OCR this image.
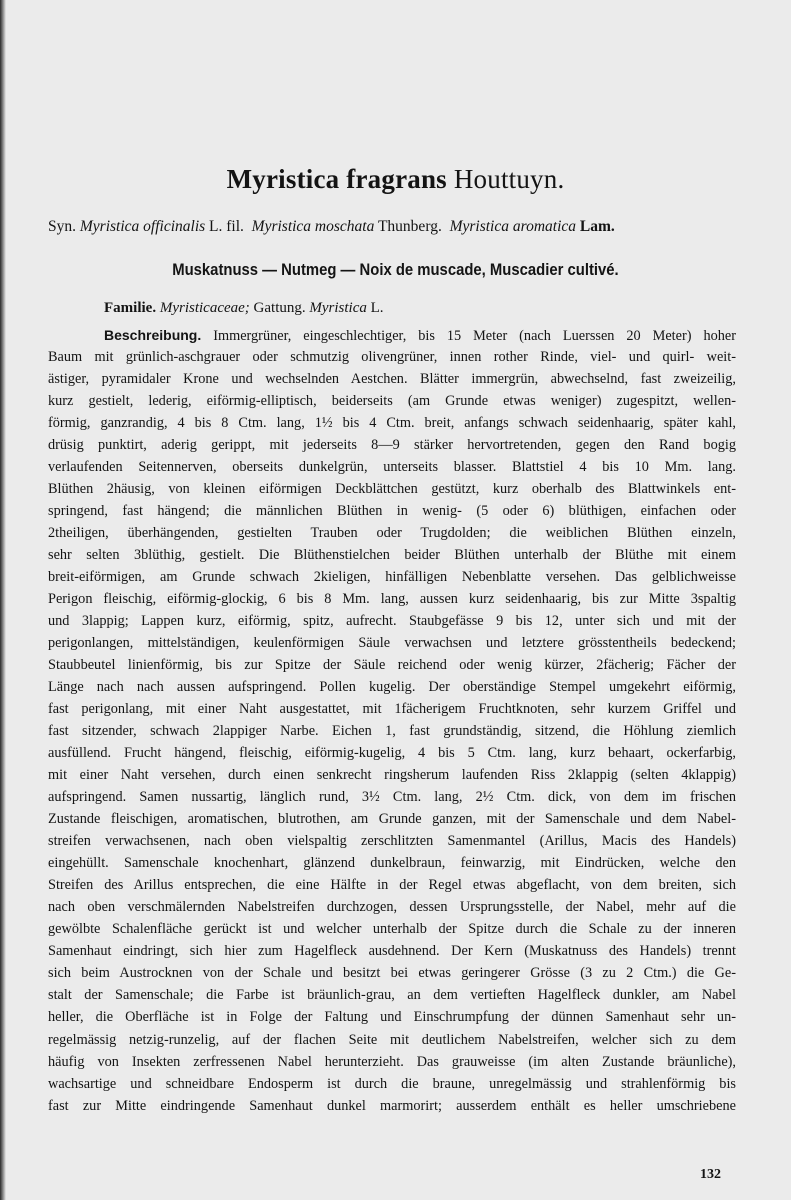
Myristica fragrans Houttuyn.
Syn. Myristica officinalis L. fil. Myristica moschata Thunberg. Myristica aromatica Lam.
Muskatnuss — Nutmeg — Noix de muscade, Muscadier cultivé.
Familie. Myristicaceae; Gattung. Myristica L.
Beschreibung. Immergrüner, eingeschlechtiger, bis 15 Meter (nach Luerssen 20 Meter) hoher
Baum mit grünlich-aschgrauer oder schmutzig olivengrüner, innen rother Rinde, viel- und quirl- weit-
ästiger, pyramidaler Krone und wechselnden Aestchen. Blätter immergrün, abwechselnd, fast zweizeilig,
kurz gestielt, lederig, eiförmig-elliptisch, beiderseits (am Grunde etwas weniger) zugespitzt, wellen-
förmig, ganzrandig, 4 bis 8 Ctm. lang, 1½ bis 4 Ctm. breit, anfangs schwach seidenhaarig, später kahl,
drüsig punktirt, aderig gerippt, mit jederseits 8—9 stärker hervortretenden, gegen den Rand bogig
verlaufenden Seitennerven, oberseits dunkelgrün, unterseits blasser. Blattstiel 4 bis 10 Mm. lang.
Blüthen 2häusig, von kleinen eiförmigen Deckblättchen gestützt, kurz oberhalb des Blattwinkels ent-
springend, fast hängend; die männlichen Blüthen in wenig- (5 oder 6) blüthigen, einfachen oder
2theiligen, überhängenden, gestielten Trauben oder Trugdolden; die weiblichen Blüthen einzeln,
sehr selten 3blüthig, gestielt. Die Blüthenstielchen beider Blüthen unterhalb der Blüthe mit einem
breit-eiförmigen, am Grunde schwach 2kieligen, hinfälligen Nebenblatte versehen. Das gelblichweisse
Perigon fleischig, eiförmig-glockig, 6 bis 8 Mm. lang, aussen kurz seidenhaarig, bis zur Mitte 3spaltig
und 3lappig; Lappen kurz, eiförmig, spitz, aufrecht. Staubgefässe 9 bis 12, unter sich und mit der
perigonlangen, mittelständigen, keulenförmigen Säule verwachsen und letztere grösstentheils bedeckend;
Staubbeutel linienförmig, bis zur Spitze der Säule reichend oder wenig kürzer, 2fächerig; Fächer der
Länge nach nach aussen aufspringend. Pollen kugelig. Der oberständige Stempel umgekehrt eiförmig,
fast perigonlang, mit einer Naht ausgestattet, mit 1fächerigem Fruchtknoten, sehr kurzem Griffel und
fast sitzender, schwach 2lappiger Narbe. Eichen 1, fast grundständig, sitzend, die Höhlung ziemlich
ausfüllend. Frucht hängend, fleischig, eiförmig-kugelig, 4 bis 5 Ctm. lang, kurz behaart, ockerfarbig,
mit einer Naht versehen, durch einen senkrecht ringsherum laufenden Riss 2klappig (selten 4klappig)
aufspringend. Samen nussartig, länglich rund, 3½ Ctm. lang, 2½ Ctm. dick, von dem im frischen
Zustande fleischigen, aromatischen, blutrothen, am Grunde ganzen, mit der Samenschale und dem Nabel-
streifen verwachsenen, nach oben vielspaltig zerschlitzten Samenmantel (Arillus, Macis des Handels)
eingehüllt. Samenschale knochenhart, glänzend dunkelbraun, feinwarzig, mit Eindrücken, welche den
Streifen des Arillus entsprechen, die eine Hälfte in der Regel etwas abgeflacht, von dem breiten, sich
nach oben verschmälernden Nabelstreifen durchzogen, dessen Ursprungsstelle, der Nabel, mehr auf die
gewölbte Schalenfläche gerückt ist und welcher unterhalb der Spitze durch die Schale zu der inneren
Samenhaut eindringt, sich hier zum Hagelfleck ausdehnend. Der Kern (Muskatnuss des Handels) trennt
sich beim Austrocknen von der Schale und besitzt bei etwas geringerer Grösse (3 zu 2 Ctm.) die Ge-
stalt der Samenschale; die Farbe ist bräunlich-grau, an dem vertieften Hagelfleck dunkler, am Nabel
heller, die Oberfläche ist in Folge der Faltung und Einschrumpfung der dünnen Samenhaut sehr un-
regelmässig netzig-runzelig, auf der flachen Seite mit deutlichem Nabelstreifen, welcher sich zu dem
häufig von Insekten zerfressenen Nabel herunterzieht. Das grauweisse (im alten Zustande bräunliche),
wachsartige und schneidbare Endosperm ist durch die braune, unregelmässig und strahlenförmig bis
fast zur Mitte eindringende Samenhaut dunkel marmorirt; ausserdem enthält es heller umschriebene
132
